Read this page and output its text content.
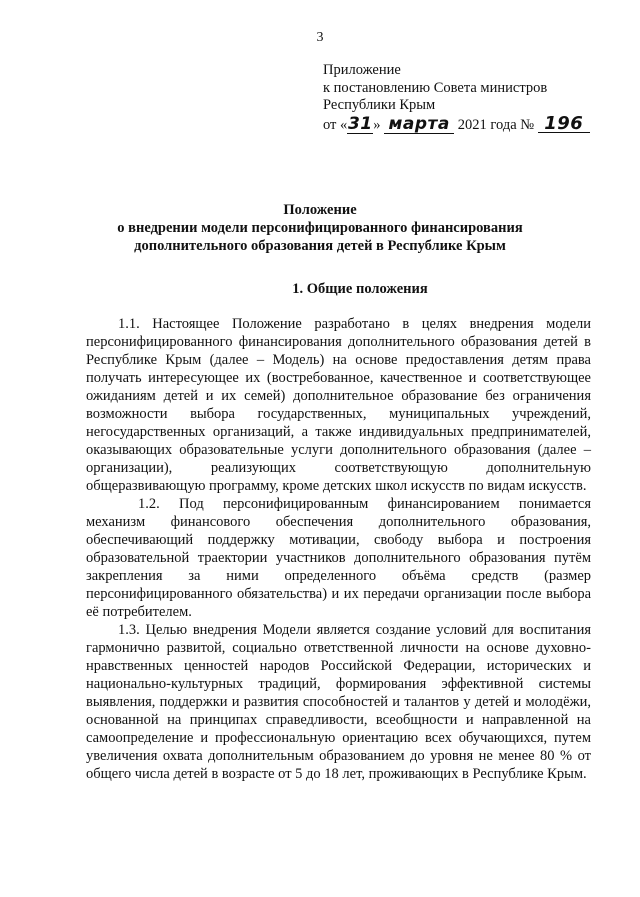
3
Приложение
к постановлению Совета министров
Республики Крым
от «31» марта 2021 года № 196
Положение
о внедрении модели персонифицированного финансирования
дополнительного образования детей в Республике Крым
1. Общие положения

1.1. Настоящее Положение разработано в целях внедрения модели персонифицированного финансирования дополнительного образования детей в Республике Крым (далее – Модель) на основе предоставления детям права получать интересующее их (востребованное, качественное и соответствующее ожиданиям детей и их семей) дополнительное образование без ограничения возможности выбора государственных, муниципальных учреждений, негосударственных организаций, а также индивидуальных предпринимателей, оказывающих образовательные услуги дополнительного образования (далее – организации), реализующих соответствующую дополнительную общеразвивающую программу, кроме детских школ искусств по видам искусств.

1.2. Под персонифицированным финансированием понимается механизм финансового обеспечения дополнительного образования, обеспечивающий поддержку мотивации, свободу выбора и построения образовательной траектории участников дополнительного образования путём закрепления за ними определенного объёма средств (размер персонифицированного обязательства) и их передачи организации после выбора её потребителем.

1.3. Целью внедрения Модели является создание условий для воспитания гармонично развитой, социально ответственной личности на основе духовно-нравственных ценностей народов Российской Федерации, исторических и национально-культурных традиций, формирования эффективной системы выявления, поддержки и развития способностей и талантов у детей и молодёжи, основанной на принципах справедливости, всеобщности и направленной на самоопределение и профессиональную ориентацию всех обучающихся, путем увеличения охвата дополнительным образованием до уровня не менее 80 % от общего числа детей в возрасте от 5 до 18 лет, проживающих в Республике Крым.
